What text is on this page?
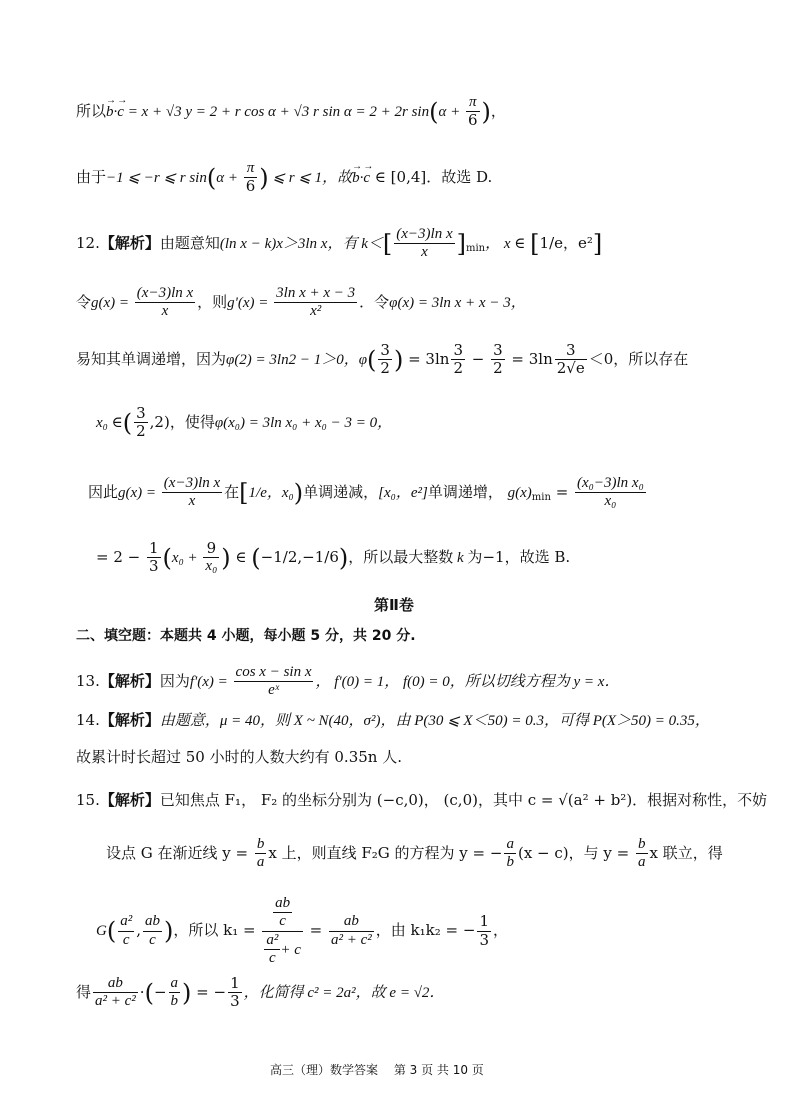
所以→ b·→ c = x + √3 y = 2 + r cos α + √3 r sin α = 2 + 2r $\sin(\alpha + \frac{\pi}{6}$ )，
由于−1 ⩽ −r ⩽ r $\sin(\alpha + \frac{\pi}{6}$ ) ⩽ r ⩽ 1，故→ b·→ c ∈ [0,4]．故选 D.
12.【解析】由题意知(ln x − k)x＞3ln x，有 $k<[ \frac{\text{(x−3)ln x}}{x} ]_{min}$， x ∈ [1/e，e²]
令$g(x) = \frac{\text{(x−3)ln x}}{x}$ ，则$g'(x) = \frac{\text{3ln x + x − 3}}{\text{x²}}$ ．令φ(x) = 3ln x + x − 3，
易知其单调递增，因为φ(2) = 3ln2 − 1＞0，$\varphi( \frac{3}{2}$ ) = $3\ln \frac{3}{2} - \frac{3}{2} = 3\ln \frac{3}{2√e} <0$，所以存在
x₀ ∈( $\frac{3}{2} ,2$)，使得φ(x₀) = 3ln x₀ + x₀ − 3 = 0，
因此$g(x) = \frac{\text{(x−3)ln x}}{x}$ 在[1/e，x₀)单调递减，[x₀，e²]单调递增， $g(x)_{min} = \frac{\text{(x₀−3)ln x₀}}{\text{x₀}}$
= $2 - \frac{1}{3} (x_0 + \frac{9}{\text{x₀}}$ ) ∈ (−1/2,−1/6)，所以最大整数 k 为−1，故选 B.
第Ⅱ卷
二、填空题：本题共 4 小题，每小题 5 分，共 20 分.
13.【解析】因为$f'(x) = \frac{\text{cos x − sin x}}{\text{eˣ}}$ ， f'(0) = 1， f(0) = 0，所以切线方程为 y = x．
14.【解析】由题意，μ = 40，则 X ~ N(40，σ²)，由 P(30 ⩽ X＜50) = 0.3，可得 P(X＞50) = 0.35，
故累计时长超过 50 小时的人数大约有 0.35n 人.
15.【解析】已知焦点 F₁， F₂ 的坐标分别为 (−c,0)， (c,0)，其中 c = √(a² + b²)．根据对称性，不妨
设点 G 在渐近线 $y = \frac{b}{a}$ x 上，则直线 F₂G 的方程为 y = − $\frac{a}{b} (x - c)$，与 $y = \frac{b}{a}$ x 联立，得
$G( \frac{\text{a²}}{c}$ , $\frac{ab}{c}$ )，所以 $k_1 = \frac{\frac{ab}{c}}{\frac{\text{a²}}{c} + c} = \frac{ab}{\text{a² + c²}}$ ，由 k₁k₂ = − $\frac{1}{3}$ ，
得 $\frac{ab}{\text{a² + c²}}$ ·(− $\frac{a}{b}$ ) = − $\frac{1}{3}$ ，化简得 c² = 2a²，故 e = √2．
高三（理）数学答案　 第 3 页 共 10 页
